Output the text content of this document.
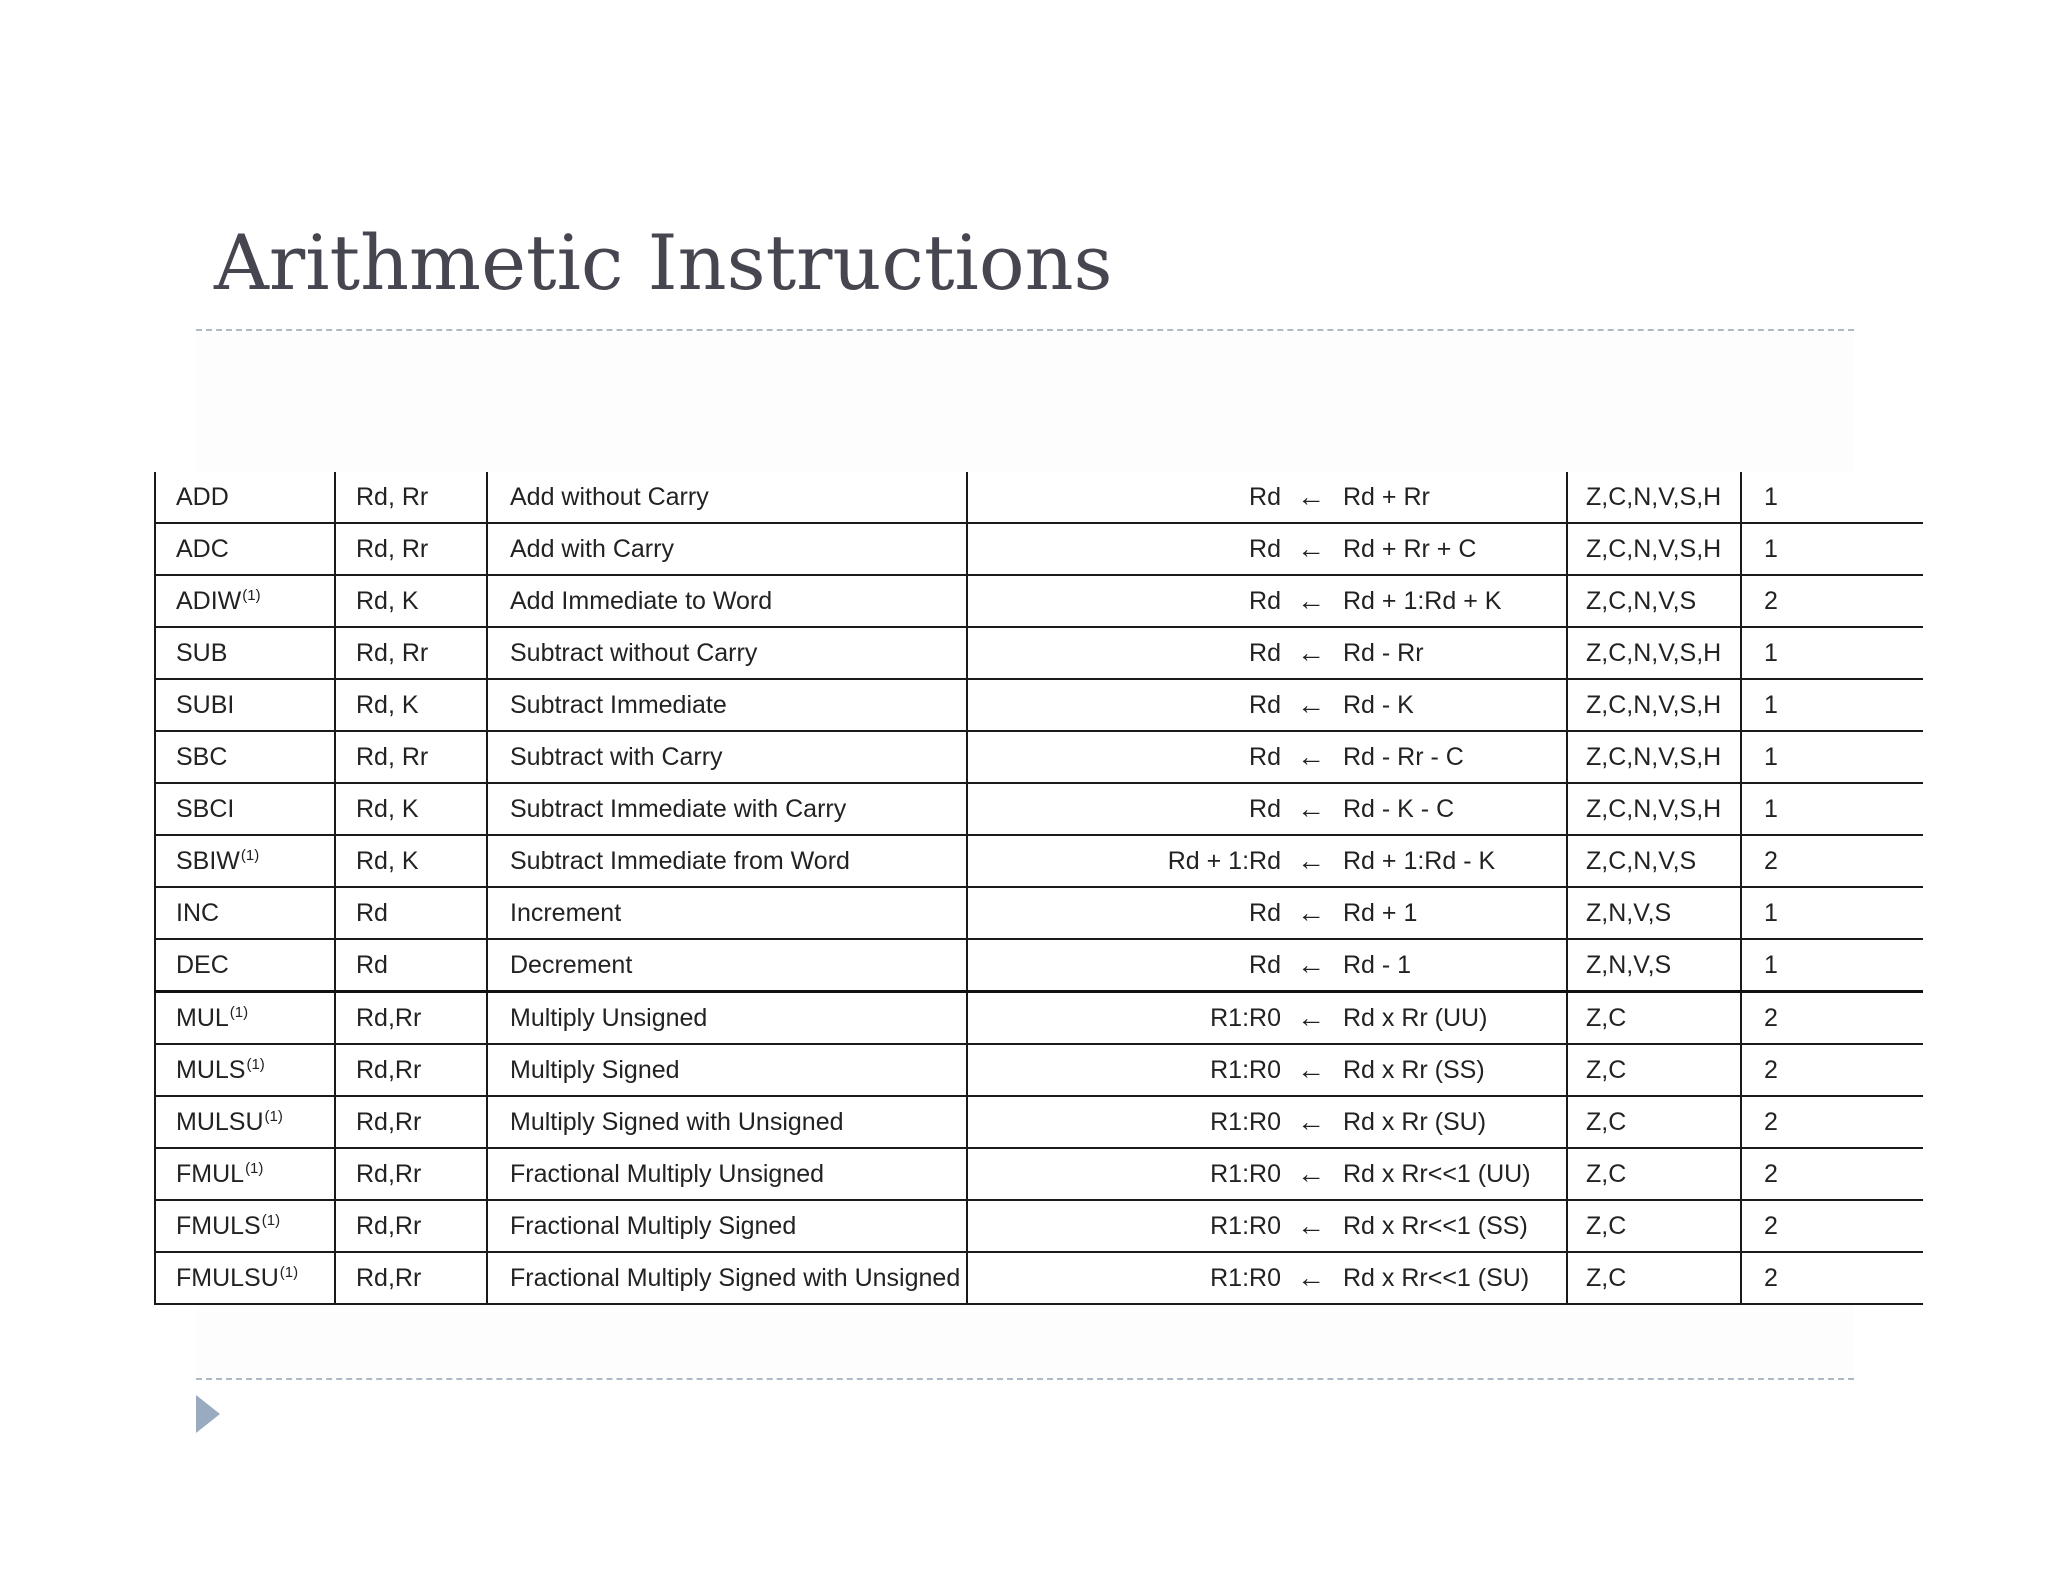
Arithmetic Instructions
ADD	Rd, Rr	Add without Carry	Rd	←	Rd + Rr	Z,C,N,V,S,H	1
ADC	Rd, Rr	Add with Carry	Rd	←	Rd + Rr + C	Z,C,N,V,S,H	1
ADIW$^{(1)}$	Rd, K	Add Immediate to Word	Rd	←	Rd + 1:Rd + K	Z,C,N,V,S	2
SUB	Rd, Rr	Subtract without Carry	Rd	←	Rd - Rr	Z,C,N,V,S,H	1
SUBI	Rd, K	Subtract Immediate	Rd	←	Rd - K	Z,C,N,V,S,H	1
SBC	Rd, Rr	Subtract with Carry	Rd	←	Rd - Rr - C	Z,C,N,V,S,H	1
SBCI	Rd, K	Subtract Immediate with Carry	Rd	←	Rd - K - C	Z,C,N,V,S,H	1
SBIW$^{(1)}$	Rd, K	Subtract Immediate from Word	Rd + 1:Rd	←	Rd + 1:Rd - K	Z,C,N,V,S	2
INC	Rd	Increment	Rd	←	Rd + 1	Z,N,V,S	1
DEC	Rd	Decrement	Rd	←	Rd - 1	Z,N,V,S	1
MUL$^{(1)}$	Rd,Rr	Multiply Unsigned	R1:R0	←	Rd x Rr (UU)	Z,C	2
MULS$^{(1)}$	Rd,Rr	Multiply Signed	R1:R0	←	Rd x Rr (SS)	Z,C	2
MULSU$^{(1)}$	Rd,Rr	Multiply Signed with Unsigned	R1:R0	←	Rd x Rr (SU)	Z,C	2
FMUL$^{(1)}$	Rd,Rr	Fractional Multiply Unsigned	R1:R0	←	Rd x Rr<<1 (UU)	Z,C	2
FMULS$^{(1)}$	Rd,Rr	Fractional Multiply Signed	R1:R0	←	Rd x Rr<<1 (SS)	Z,C	2
FMULSU$^{(1)}$	Rd,Rr	Fractional Multiply Signed with Unsigned	R1:R0	←	Rd x Rr<<1 (SU)	Z,C	2
